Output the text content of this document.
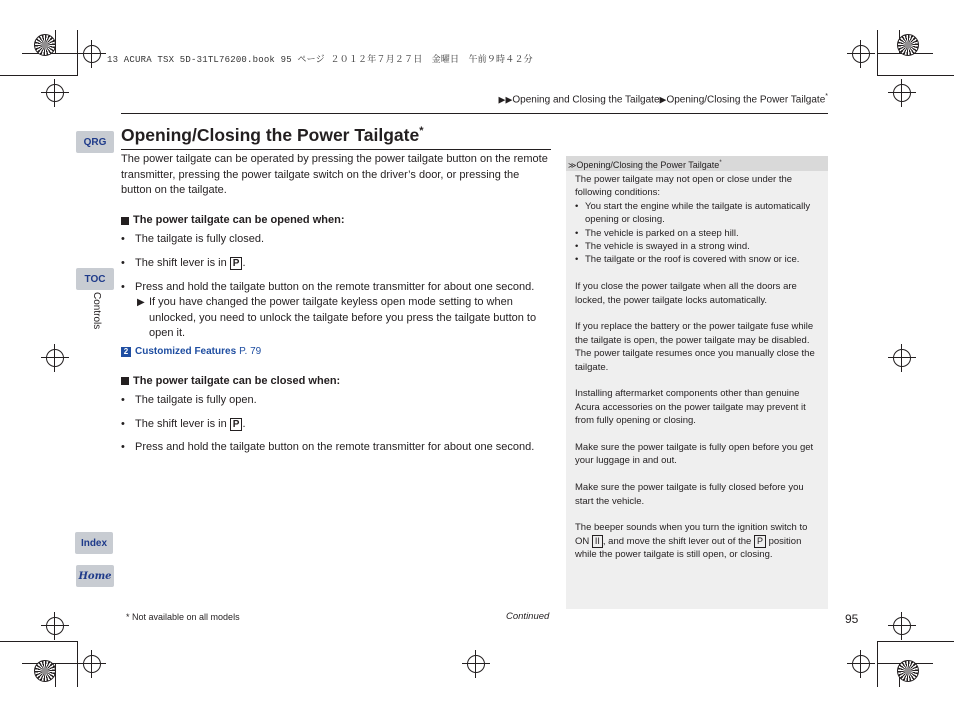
13 ACURA TSX 5D-31TL76200.book 95 ページ ２０１２年７月２７日　金曜日　午前９時４２分
▶▶Opening and Closing the Tailgate▶Opening/Closing the Power Tailgate*
QRG
TOC
Controls
Index
Home
Opening/Closing the Power Tailgate*

The power tailgate can be operated by pressing the power tailgate button on the remote transmitter, pressing the power tailgate switch on the driver’s door, or pressing the button on the tailgate.

The power tailgate can be opened when:

• The tailgate is fully closed.

• The shift lever is in P .

• Press and hold the tailgate button on the remote transmitter for about one second.

▶ If you have changed the power tailgate keyless open mode setting to when unlocked, you need to unlock the tailgate before you press the tailgate button to open it.

2 Customized Features P. 79

The power tailgate can be closed when:

• The tailgate is fully open.

• The shift lever is in P .

• Press and hold the tailgate button on the remote transmitter for about one second.

≫Opening/Closing the Power Tailgate*

The power tailgate may not open or close under the following conditions:

• You start the engine while the tailgate is automatically opening or closing.

• The vehicle is parked on a steep hill.

• The vehicle is swayed in a strong wind.

• The tailgate or the roof is covered with snow or ice.

If you close the power tailgate when all the doors are locked, the power tailgate locks automatically.

If you replace the battery or the power tailgate fuse while the tailgate is open, the power tailgate may be disabled. The power tailgate resumes once you manually close the tailgate.

Installing aftermarket components other than genuine Acura accessories on the power tailgate may prevent it from fully opening or closing.

Make sure the power tailgate is fully open before you get your luggage in and out.

Make sure the power tailgate is fully closed before you start the vehicle.

The beeper sounds when you turn the ignition switch to ON II , and move the shift lever out of the P position while the power tailgate is still open, or closing.

* Not available on all models	Continued	95
